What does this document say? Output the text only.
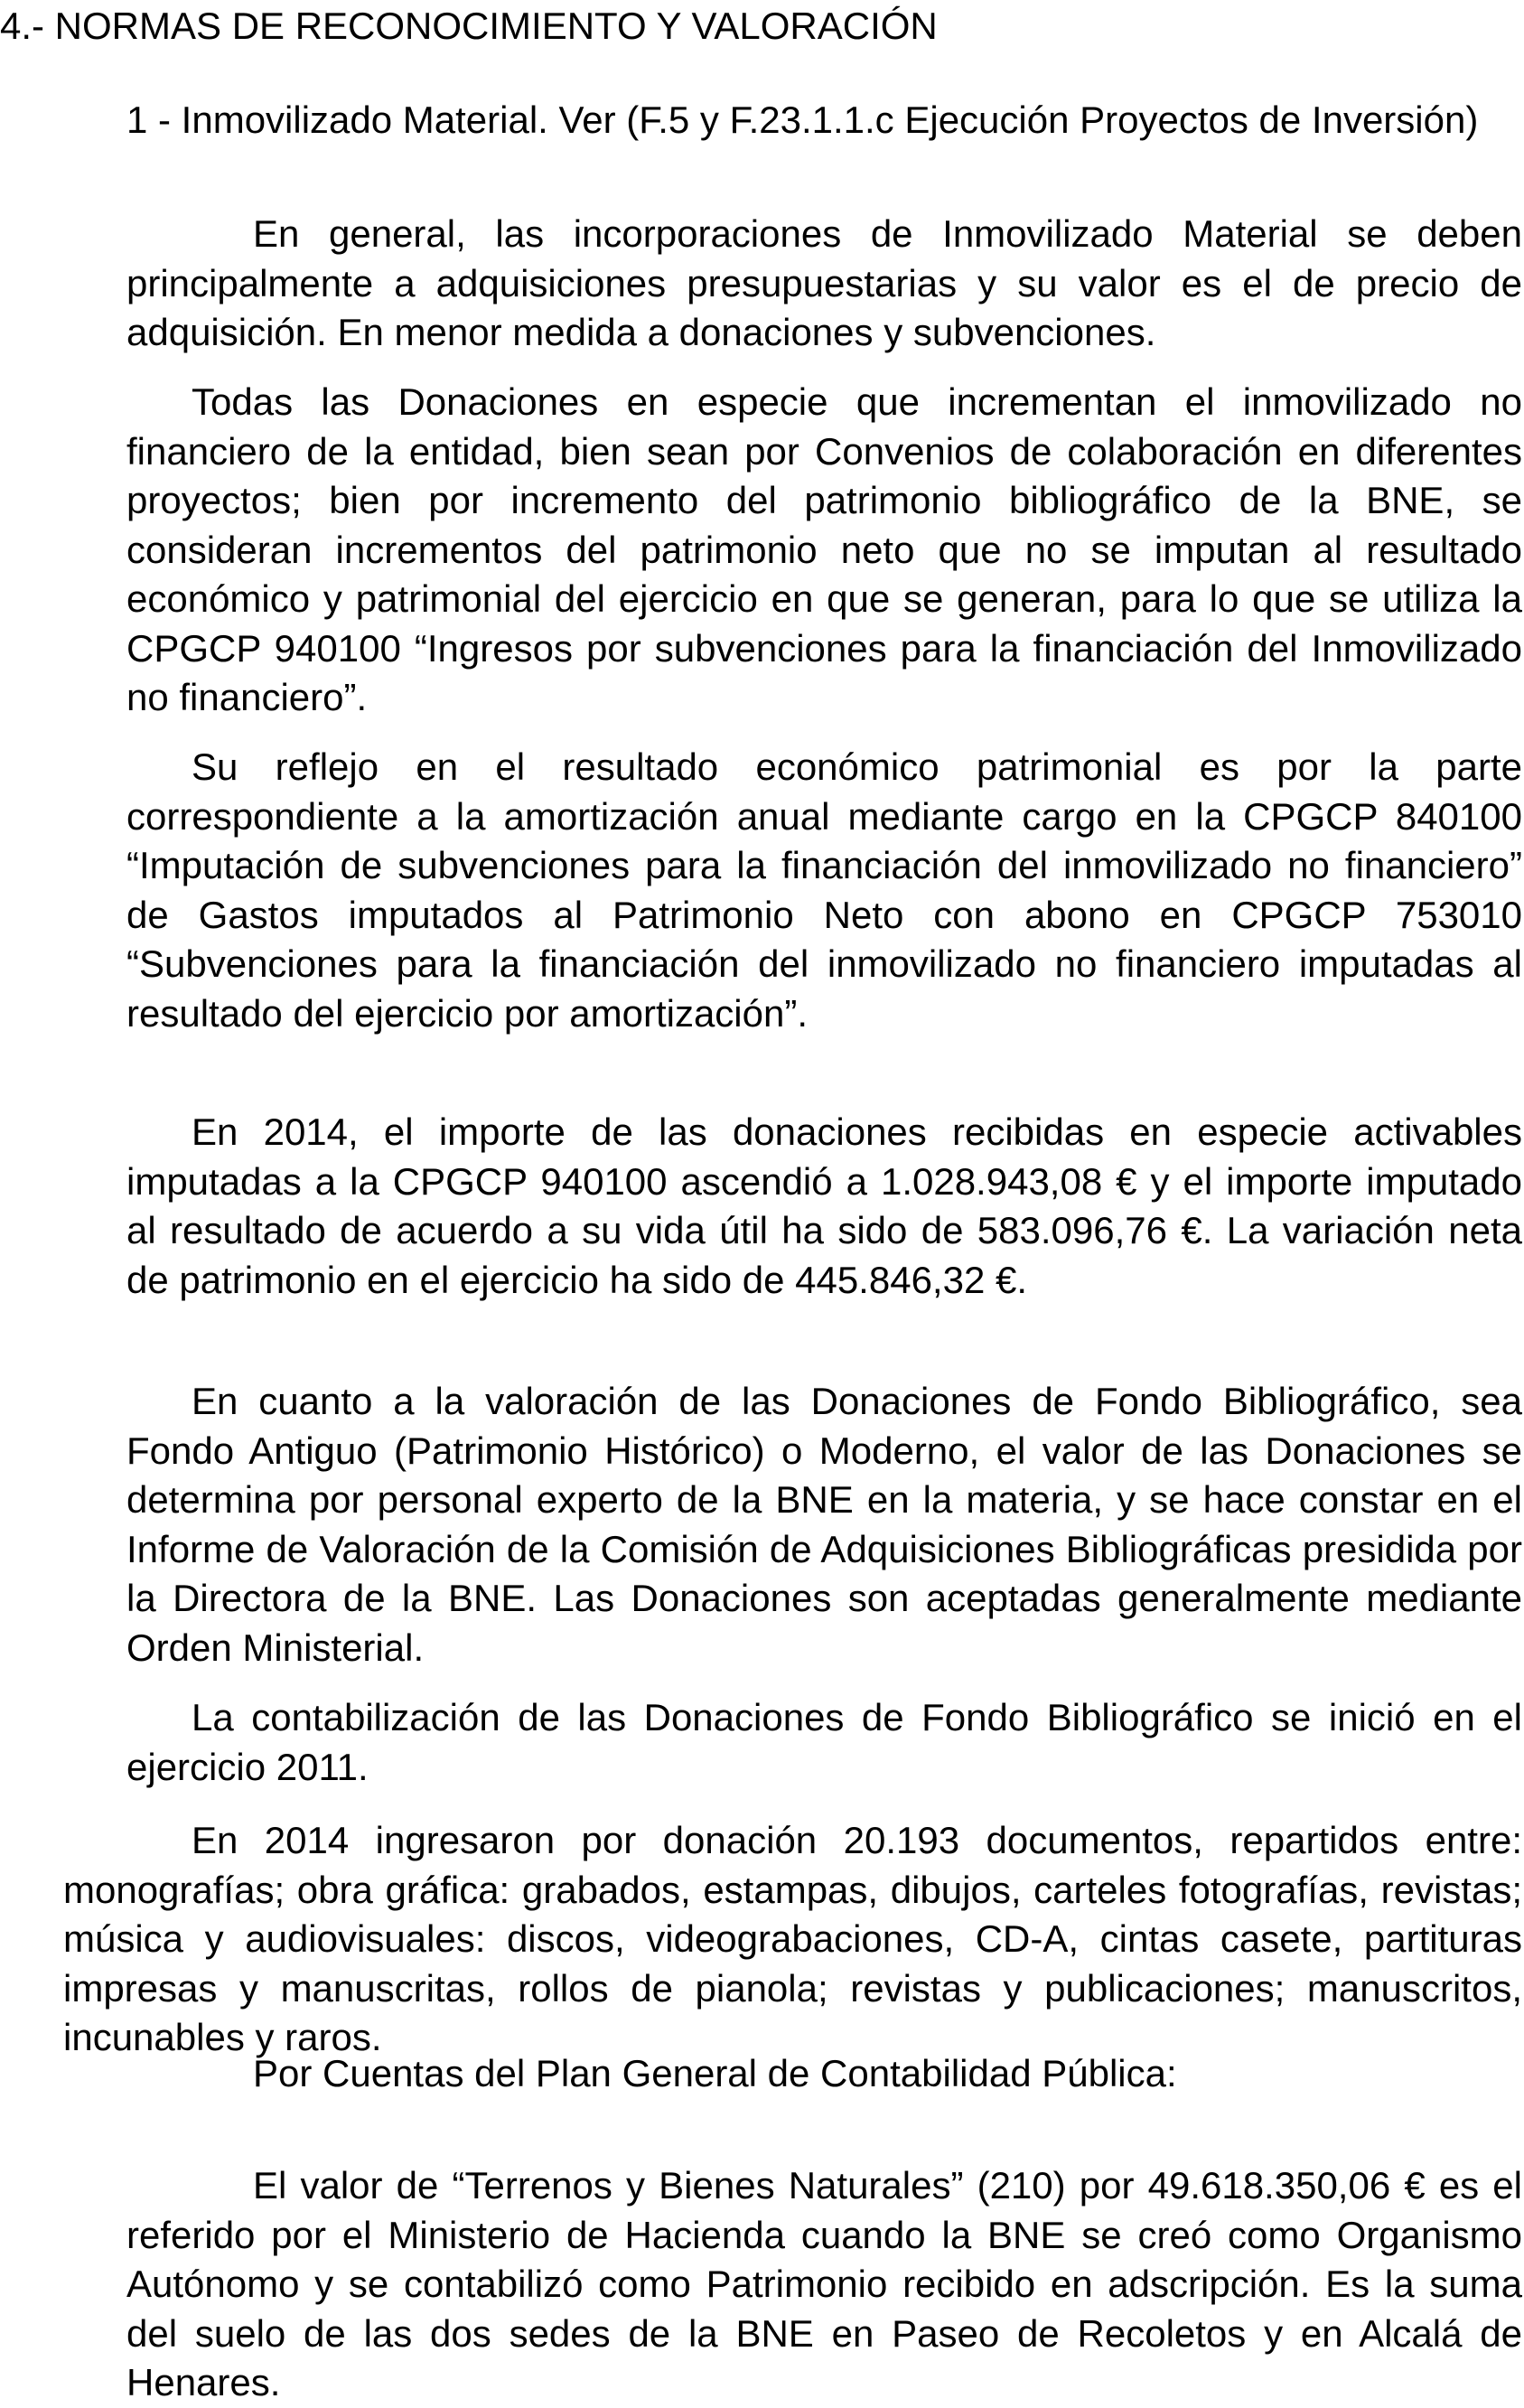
4.- NORMAS DE RECONOCIMIENTO Y VALORACIÓN

1 - Inmovilizado Material. Ver (F.5 y F.23.1.1.c Ejecución Proyectos de Inversión)

En general, las incorporaciones de Inmovilizado Material se deben principalmente a adquisiciones presupuestarias y su valor es el de precio de adquisición. En menor medida a donaciones y subvenciones.

Todas las Donaciones en especie que incrementan el inmovilizado no financiero de la entidad, bien sean por Convenios de colaboración en diferentes proyectos; bien por incremento del patrimonio bibliográfico de la BNE, se consideran incrementos del patrimonio neto que no se imputan al resultado económico y patrimonial del ejercicio en que se generan, para lo que se utiliza la CPGCP 940100 “Ingresos por subvenciones para la financiación del Inmovilizado no financiero”.

Su reflejo en el resultado económico patrimonial es por la parte correspondiente a la amortización anual mediante cargo en la CPGCP 840100 “Imputación de subvenciones para la financiación del inmovilizado no financiero” de Gastos imputados al Patrimonio Neto con abono en CPGCP 753010 “Subvenciones para la financiación del inmovilizado no financiero imputadas al resultado del ejercicio por amortización”.

En 2014, el importe de las donaciones recibidas en especie activables imputadas a la CPGCP 940100 ascendió a 1.028.943,08 € y el importe imputado al resultado de acuerdo a su vida útil ha sido de 583.096,76 €. La variación neta de patrimonio en el ejercicio ha sido de 445.846,32 €.

En cuanto a la valoración de las Donaciones de Fondo Bibliográfico, sea Fondo Antiguo (Patrimonio Histórico) o Moderno, el valor de las Donaciones se determina por personal experto de la BNE en la materia, y se hace constar en el Informe de Valoración de la Comisión de Adquisiciones Bibliográficas presidida por la Directora de la BNE. Las Donaciones son aceptadas generalmente mediante Orden Ministerial.

La contabilización de las Donaciones de Fondo Bibliográfico se inició en el ejercicio 2011.

En 2014 ingresaron por donación 20.193 documentos, repartidos entre: monografías; obra gráfica: grabados, estampas, dibujos, carteles fotografías, revistas; música y audiovisuales: discos, videograbaciones, CD-A, cintas casete, partituras impresas y manuscritas, rollos de pianola; revistas y publicaciones; manuscritos, incunables y raros.

Por Cuentas del Plan General de Contabilidad Pública:

El valor de “Terrenos y Bienes Naturales” (210) por 49.618.350,06 € es el referido por el Ministerio de Hacienda cuando la BNE se creó como Organismo Autónomo y se contabilizó como Patrimonio recibido en adscripción. Es la suma del suelo de las dos sedes de la BNE en Paseo de Recoletos y en Alcalá de Henares.
